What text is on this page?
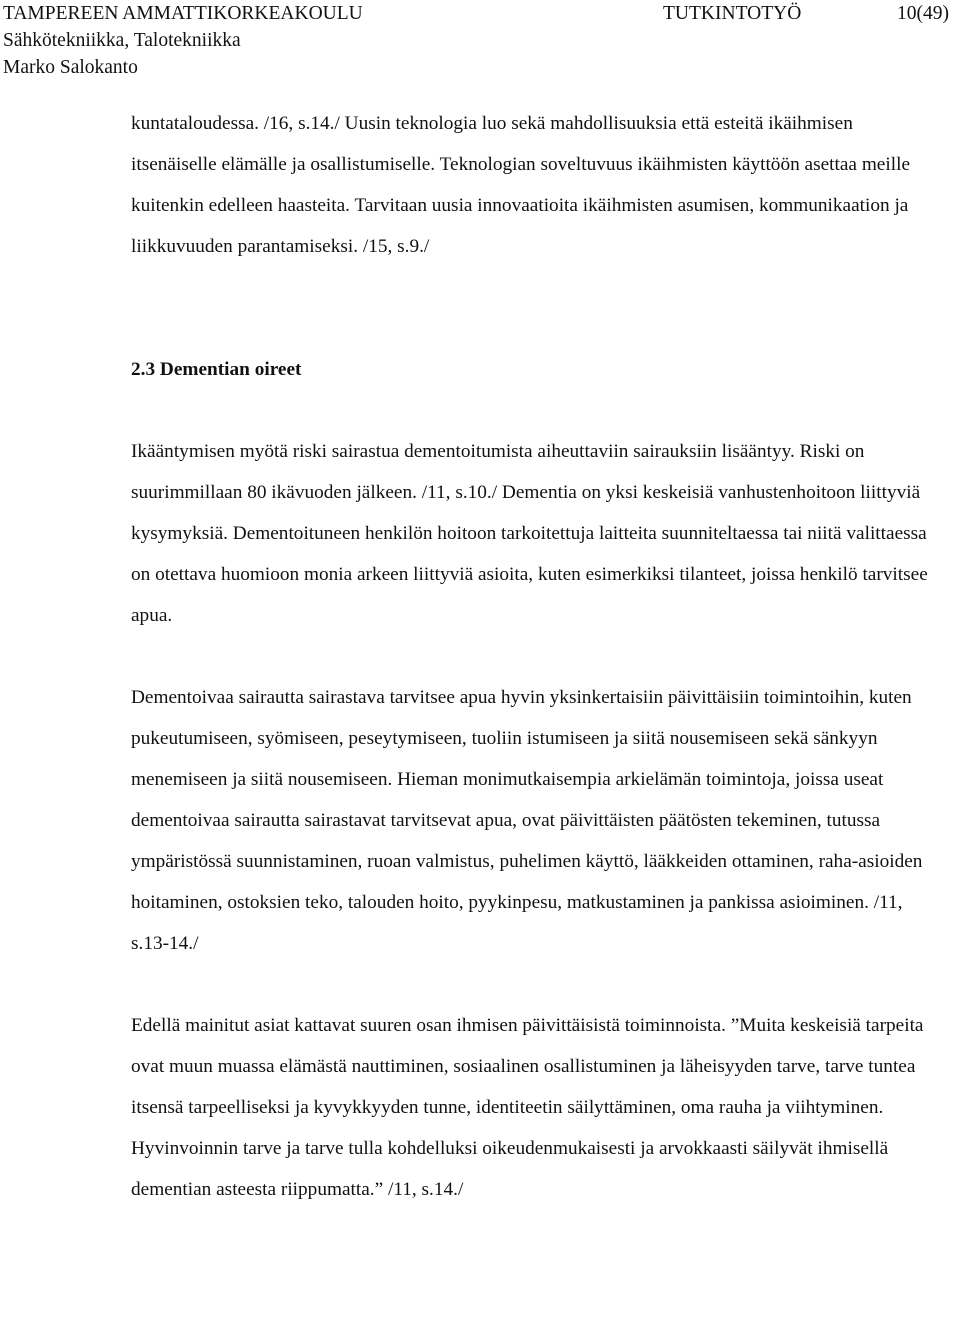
TAMPEREEN AMMATTIKORKEAKOULU	TUTKINTOTYÖ	10(49)
Sähkötekniikka, Talotekniikka
Marko Salokanto

kuntataloudessa. /16, s.14./ Uusin teknologia luo sekä mahdollisuuksia että esteitä ikäihmisen itsenäiselle elämälle ja osallistumiselle. Teknologian soveltuvuus ikäihmisten käyttöön asettaa meille kuitenkin edelleen haasteita. Tarvitaan uusia innovaatioita ikäihmisten asumisen, kommunikaation ja liikkuvuuden parantamiseksi. /15, s.9./

2.3 Dementian oireet

Ikääntymisen myötä riski sairastua dementoitumista aiheuttaviin sairauksiin lisääntyy. Riski on suurimmillaan 80 ikävuoden jälkeen. /11, s.10./ Dementia on yksi keskeisiä vanhustenhoitoon liittyviä kysymyksiä. Dementoituneen henkilön hoitoon tarkoitettuja laitteita suunniteltaessa tai niitä valittaessa on otettava huomioon monia arkeen liittyviä asioita, kuten esimerkiksi tilanteet, joissa henkilö tarvitsee apua.

Dementoivaa sairautta sairastava tarvitsee apua hyvin yksinkertaisiin päivittäisiin toimintoihin, kuten pukeutumiseen, syömiseen, peseytymiseen, tuoliin istumiseen ja siitä nousemiseen sekä sänkyyn menemiseen ja siitä nousemiseen. Hieman monimutkaisempia arkielämän toimintoja, joissa useat dementoivaa sairautta sairastavat tarvitsevat apua, ovat päivittäisten päätösten tekeminen, tutussa ympäristössä suunnistaminen, ruoan valmistus, puhelimen käyttö, lääkkeiden ottaminen, raha-asioiden hoitaminen, ostoksien teko, talouden hoito, pyykinpesu, matkustaminen ja pankissa asioiminen. /11, s.13-14./

Edellä mainitut asiat kattavat suuren osan ihmisen päivittäisistä toiminnoista. ”Muita keskeisiä tarpeita ovat muun muassa elämästä nauttiminen, sosiaalinen osallistuminen ja läheisyyden tarve, tarve tuntea itsensä tarpeelliseksi ja kyvykkyyden tunne, identiteetin säilyttäminen, oma rauha ja viihtyminen. Hyvinvoinnin tarve ja tarve tulla kohdelluksi oikeudenmukaisesti ja arvokkaasti säilyvät ihmisellä dementian asteesta riippumatta.” /11, s.14./
